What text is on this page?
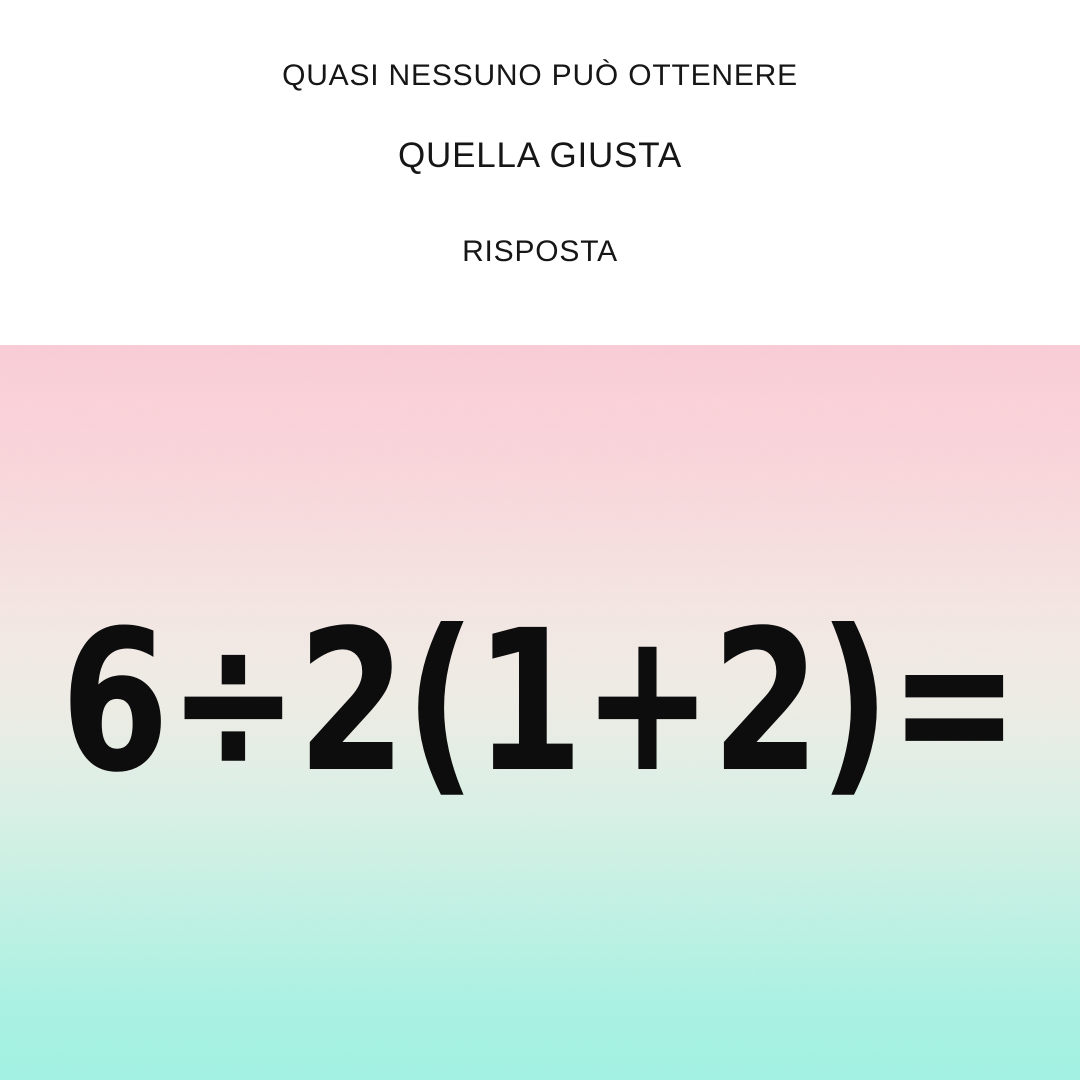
QUASI NESSUNO PUÒ OTTENERE
QUELLA GIUSTA
RISPOSTA
6÷2(1+2)=
